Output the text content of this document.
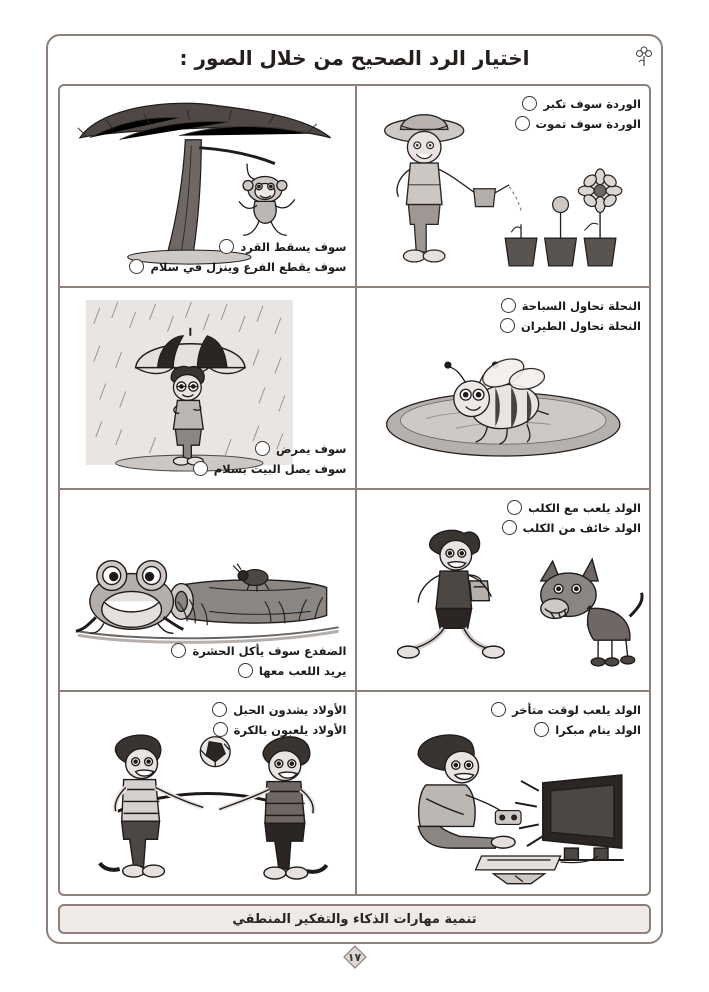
اختيار الرد الصحيح من خلال الصور :
الوردة سوف تكبر
الوردة سوف تموت
سوف يسقط القرد
سوف يقطع الفرع وينزل في سلام
النحلة تحاول السباحة
النحلة تحاول الطيران
سوف يمرض
سوف يصل البيت بسلام
الولد يلعب مع الكلب
الولد خائف من الكلب
الضفدع سوف يأكل الحشرة
يريد اللعب معها
الولد يلعب لوقت متأخر
الولد ينام مبكرا
الأولاد يشدون الحبل
الأولاد يلعبون بالكرة
تنمية مهارات الذكاء والتفكير المنطقي
١٧
